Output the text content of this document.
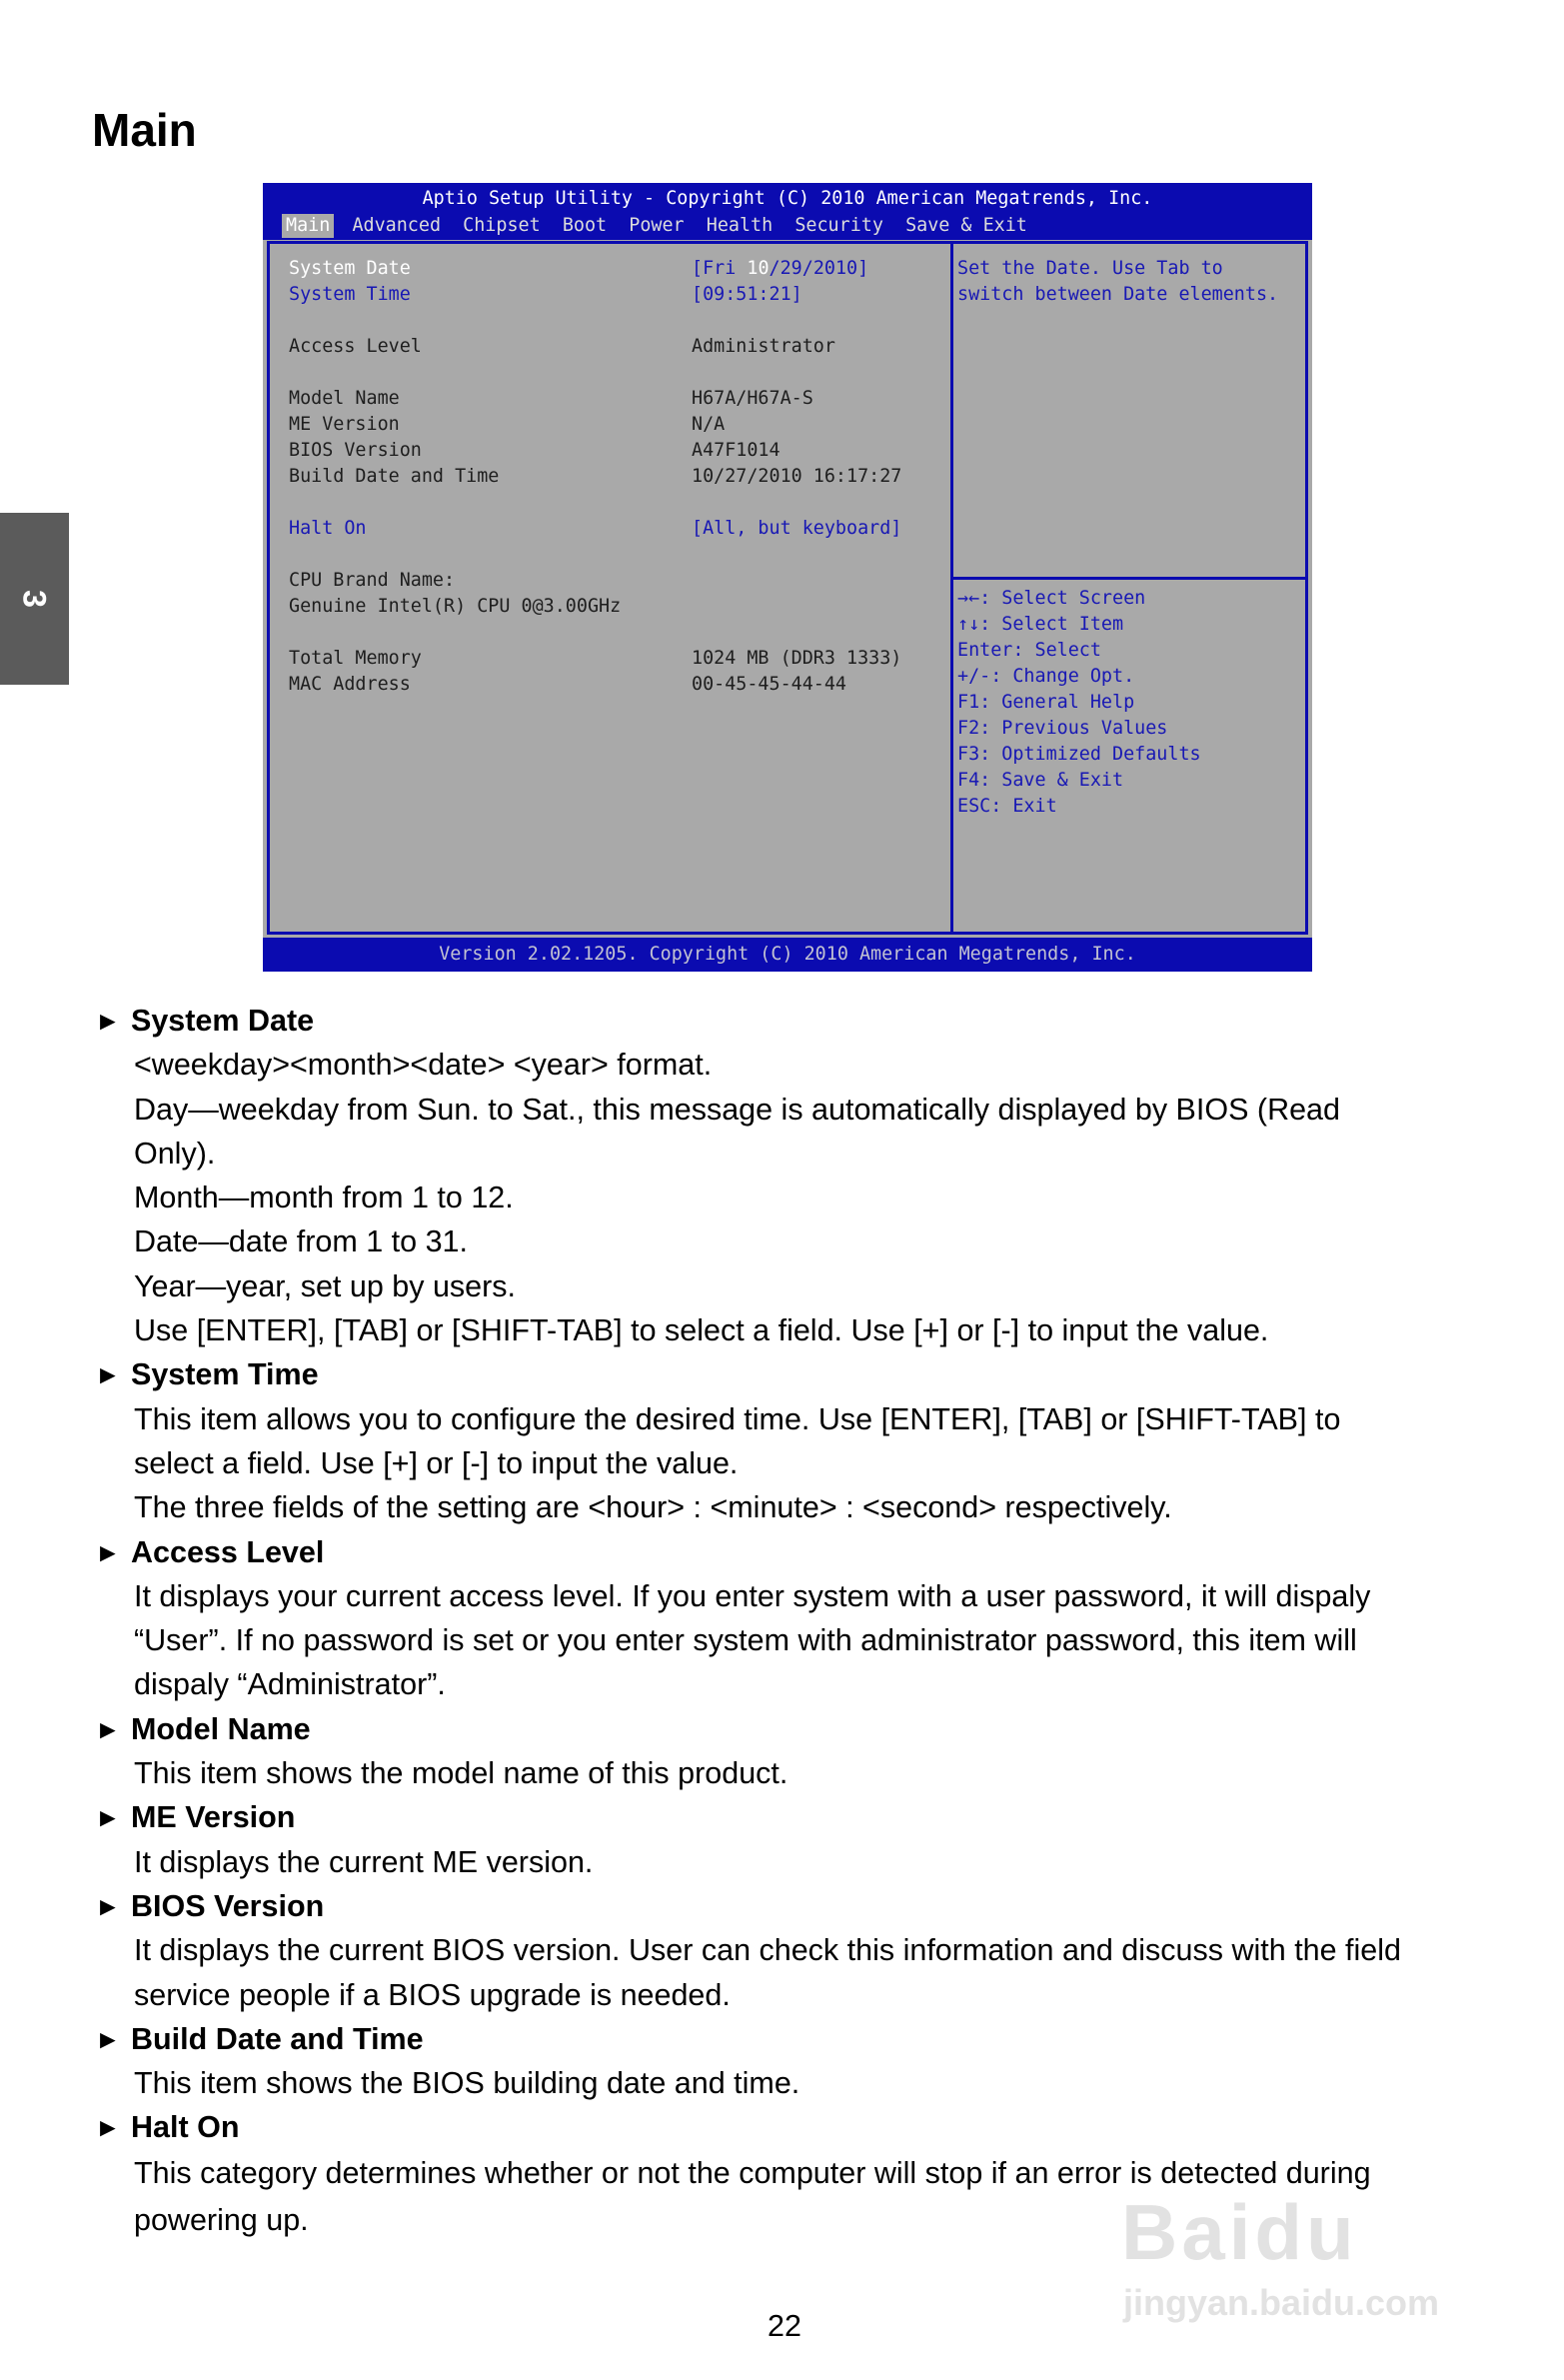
Main
3
Aptio Setup Utility - Copyright (C) 2010 American Megatrends, Inc.
Main Advanced Chipset Boot Power Health Security Save & Exit

System Date

	[Fri 10/29/2010]

System Time

	[09:51:21]

Access Level

	Administrator

Model Name

	H67A/H67A-S

ME Version

	N/A

BIOS Version

	A47F1014

Build Date and Time

	10/27/2010 16:17:27

Halt On

	[All, but keyboard]

CPU Brand Name:

Genuine Intel(R) CPU 0@3.00GHz

Total Memory

	1024 MB (DDR3 1333)

MAC Address

	00-45-45-44-44

Set the Date. Use Tab to
switch between Date elements.
→←: Select Screen
↑↓: Select Item
Enter: Select
+/-: Change Opt.
F1: General Help
F2: Previous Values
F3: Optimized Defaults
F4: Save & Exit
ESC: Exit
Version 2.02.1205. Copyright (C) 2010 American Megatrends, Inc.
►
System Date
<weekday><month><date> <year> format.
Day—weekday from Sun. to Sat., this message is automatically displayed by BIOS (Read
Only).
Month—month from 1 to 12.
Date—date from 1 to 31.
Year—year, set up by users.
Use [ENTER], [TAB] or [SHIFT-TAB] to select a field. Use [+] or [-] to input the value.
►
System Time
This item allows you to configure the desired time. Use [ENTER], [TAB] or [SHIFT-TAB] to
select a field. Use [+] or [-] to input the value.
The three fields of the setting are <hour> : <minute> : <second> respectively.
►
Access Level
It displays your current access level. If you enter system with a user password, it will dispaly
“User”. If no password is set or you enter system with administrator password, this item will
dispaly “Administrator”.
►
Model Name
This item shows the model name of this product.
►
ME Version
It displays the current ME version.
►
BIOS Version
It displays the current BIOS version. User can check this information and discuss with the field
service people if a BIOS upgrade is needed.
►
Build Date and Time
This item shows the BIOS building date and time.
►
Halt On
This category determines whether or not the computer will stop if an error is detected during
powering up.
22
Baidu
jingyan.baidu.com
